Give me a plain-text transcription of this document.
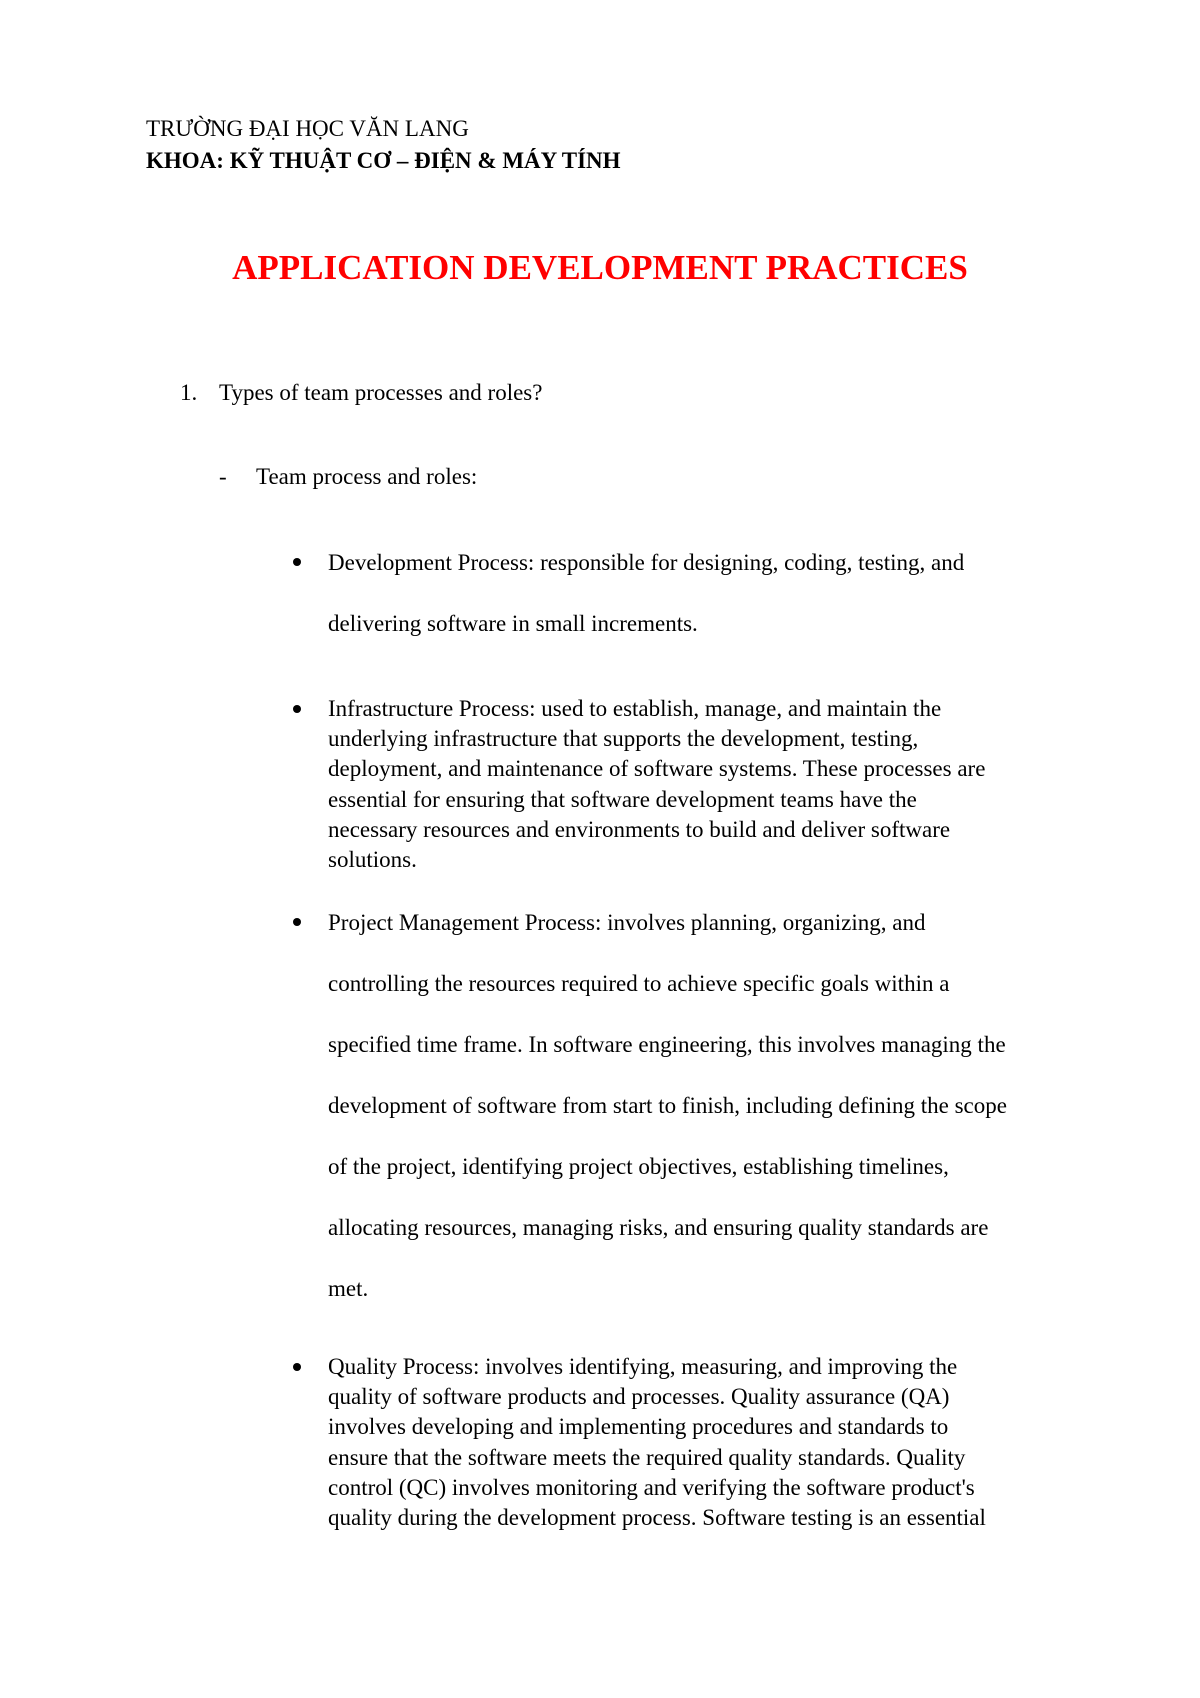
TRƯỜNG ĐẠI HỌC VĂN LANG
KHOA: KỸ THUẬT CƠ – ĐIỆN & MÁY TÍNH
APPLICATION DEVELOPMENT PRACTICES
1. Types of team processes and roles?
- Team process and roles:
Development Process: responsible for designing, coding, testing, and
delivering software in small increments.
Infrastructure Process: used to establish, manage, and maintain the
underlying infrastructure that supports the development, testing,
deployment, and maintenance of software systems. These processes are
essential for ensuring that software development teams have the
necessary resources and environments to build and deliver software
solutions.
Project Management Process: involves planning, organizing, and
controlling the resources required to achieve specific goals within a
specified time frame. In software engineering, this involves managing the
development of software from start to finish, including defining the scope
of the project, identifying project objectives, establishing timelines,
allocating resources, managing risks, and ensuring quality standards are
met.
Quality Process: involves identifying, measuring, and improving the
quality of software products and processes. Quality assurance (QA)
involves developing and implementing procedures and standards to
ensure that the software meets the required quality standards. Quality
control (QC) involves monitoring and verifying the software product's
quality during the development process. Software testing is an essential
